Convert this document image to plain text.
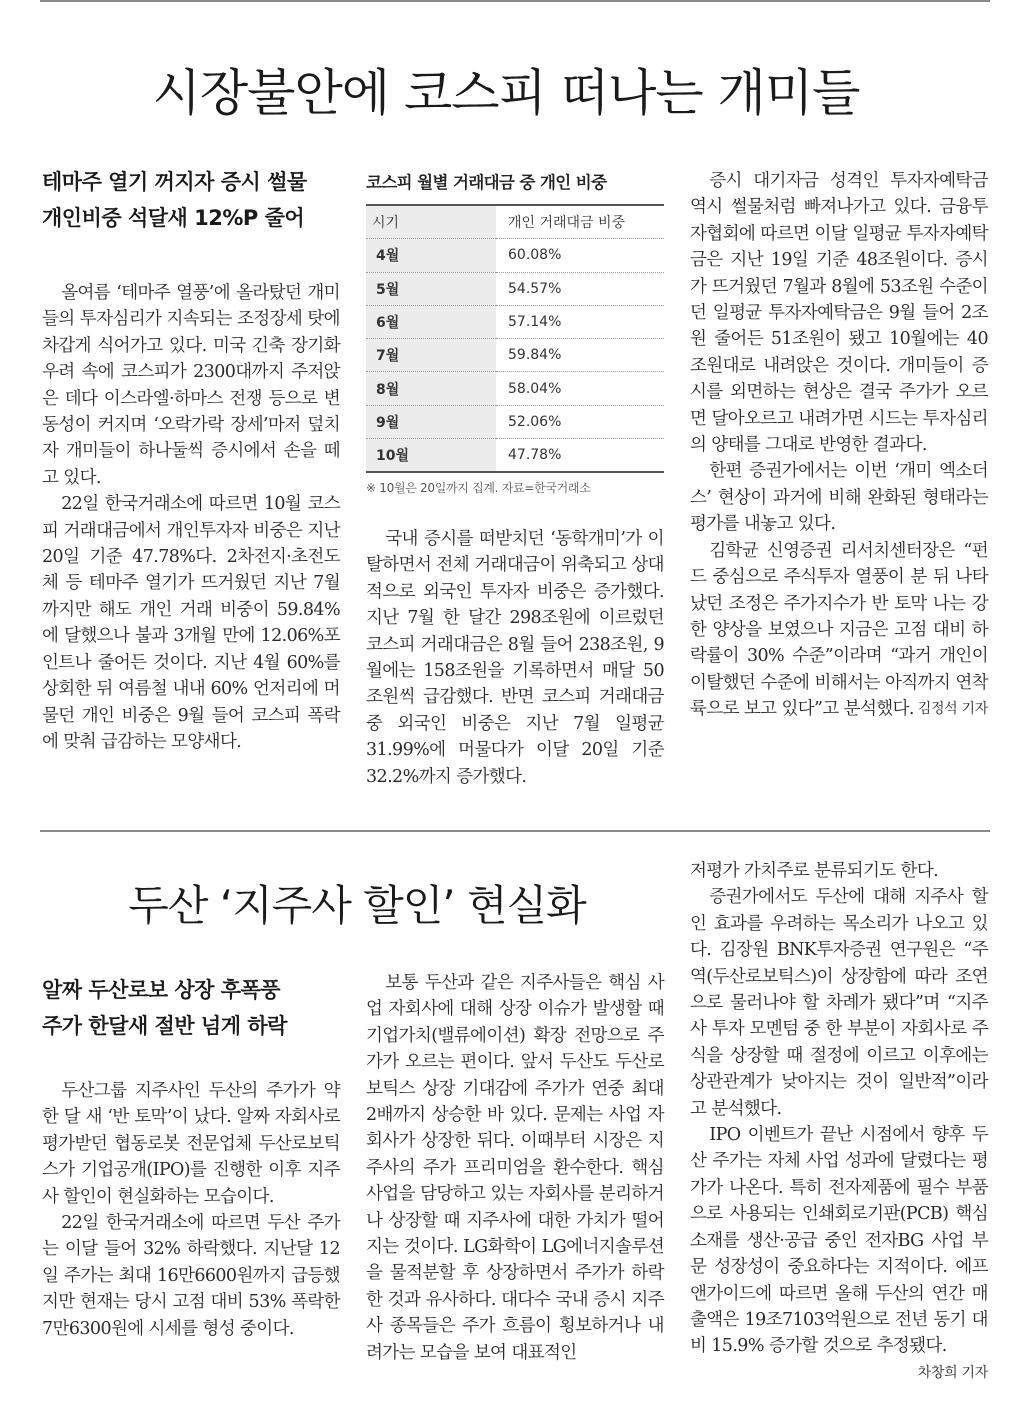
시장불안에 코스피 떠나는 개미들
테마주 열기 꺼지자 증시 썰물
개인비중 석달새 12%P 줄어

올여름 ‘테마주 열풍’에 올라탔던 개미들의 투자심리가 지속되는 조정장세 탓에 차갑게 식어가고 있다. 미국 긴축 장기화 우려 속에 코스피가 2300대까지 주저앉은 데다 이스라엘·하마스 전쟁 등으로 변동성이 커지며 ‘오락가락 장세’마저 덮치자 개미들이 하나둘씩 증시에서 손을 떼고 있다.

22일 한국거래소에 따르면 10월 코스피 거래대금에서 개인투자자 비중은 지난 20일 기준 47.78%다. 2차전지·초전도체 등 테마주 열기가 뜨거웠던 지난 7월까지만 해도 개인 거래 비중이 59.84%에 달했으나 불과 3개월 만에 12.06%포인트나 줄어든 것이다. 지난 4월 60%를 상회한 뒤 여름철 내내 60% 언저리에 머물던 개인 비중은 9월 들어 코스피 폭락에 맞춰 급감하는 모양새다.

코스피 월별 거래대금 중 개인 비중
시기	개인 거래대금 비중
4월	60.08%
5월	54.57%
6월	57.14%
7월	59.84%
8월	58.04%
9월	52.06%
10월	47.78%
※ 10월은 20일까지 집계. 자료=한국거래소

국내 증시를 떠받치던 ‘동학개미’가 이탈하면서 전체 거래대금이 위축되고 상대적으로 외국인 투자자 비중은 증가했다. 지난 7월 한 달간 298조원에 이르렀던 코스피 거래대금은 8월 들어 238조원, 9월에는 158조원을 기록하면서 매달 50조원씩 급감했다. 반면 코스피 거래대금 중 외국인 비중은 지난 7월 일평균 31.99%에 머물다가 이달 20일 기준 32.2%까지 증가했다.

증시 대기자금 성격인 투자자예탁금 역시 썰물처럼 빠져나가고 있다. 금융투자협회에 따르면 이달 일평균 투자자예탁금은 지난 19일 기준 48조원이다. 증시가 뜨거웠던 7월과 8월에 53조원 수준이던 일평균 투자자예탁금은 9월 들어 2조원 줄어든 51조원이 됐고 10월에는 40조원대로 내려앉은 것이다. 개미들이 증시를 외면하는 현상은 결국 주가가 오르면 달아오르고 내려가면 시드는 투자심리의 양태를 그대로 반영한 결과다.

한편 증권가에서는 이번 ‘개미 엑소더스’ 현상이 과거에 비해 완화된 형태라는 평가를 내놓고 있다.

김학균 신영증권 리서치센터장은 “펀드 중심으로 주식투자 열풍이 분 뒤 나타났던 조정은 주가지수가 반 토막 나는 강한 양상을 보였으나 지금은 고점 대비 하락률이 30% 수준”이라며 “과거 개인이 이탈했던 수준에 비해서는 아직까지 연착륙으로 보고 있다”고 분석했다. 김정석 기자

두산 ‘지주사 할인’ 현실화
알짜 두산로보 상장 후폭풍
주가 한달새 절반 넘게 하락

두산그룹 지주사인 두산의 주가가 약 한 달 새 ‘반 토막’이 났다. 알짜 자회사로 평가받던 협동로봇 전문업체 두산로보틱스가 기업공개(IPO)를 진행한 이후 지주사 할인이 현실화하는 모습이다.

22일 한국거래소에 따르면 두산 주가는 이달 들어 32% 하락했다. 지난달 12일 주가는 최대 16만6600원까지 급등했지만 현재는 당시 고점 대비 53% 폭락한 7만6300원에 시세를 형성 중이다.

보통 두산과 같은 지주사들은 핵심 사업 자회사에 대해 상장 이슈가 발생할 때 기업가치(밸류에이션) 확장 전망으로 주가가 오르는 편이다. 앞서 두산도 두산로보틱스 상장 기대감에 주가가 연중 최대 2배까지 상승한 바 있다. 문제는 사업 자회사가 상장한 뒤다. 이때부터 시장은 지주사의 주가 프리미엄을 환수한다. 핵심 사업을 담당하고 있는 자회사를 분리하거나 상장할 때 지주사에 대한 가치가 떨어지는 것이다. LG화학이 LG에너지솔루션을 물적분할 후 상장하면서 주가가 하락한 것과 유사하다. 대다수 국내 증시 지주사 종목들은 주가 흐름이 횡보하거나 내려가는 모습을 보여 대표적인

저평가 가치주로 분류되기도 한다.

증권가에서도 두산에 대해 지주사 할인 효과를 우려하는 목소리가 나오고 있다. 김장원 BNK투자증권 연구원은 “주역(두산로보틱스)이 상장함에 따라 조연으로 물러나야 할 차례가 됐다”며 “지주사 투자 모멘텀 중 한 부분이 자회사로 주식을 상장할 때 절정에 이르고 이후에는 상관관계가 낮아지는 것이 일반적”이라고 분석했다.

IPO 이벤트가 끝난 시점에서 향후 두산 주가는 자체 사업 성과에 달렸다는 평가가 나온다. 특히 전자제품에 필수 부품으로 사용되는 인쇄회로기판(PCB) 핵심 소재를 생산·공급 중인 전자BG 사업 부문 성장성이 중요하다는 지적이다. 에프앤가이드에 따르면 올해 두산의 연간 매출액은 19조7103억원으로 전년 동기 대비 15.9% 증가할 것으로 추정됐다.
차창희 기자
